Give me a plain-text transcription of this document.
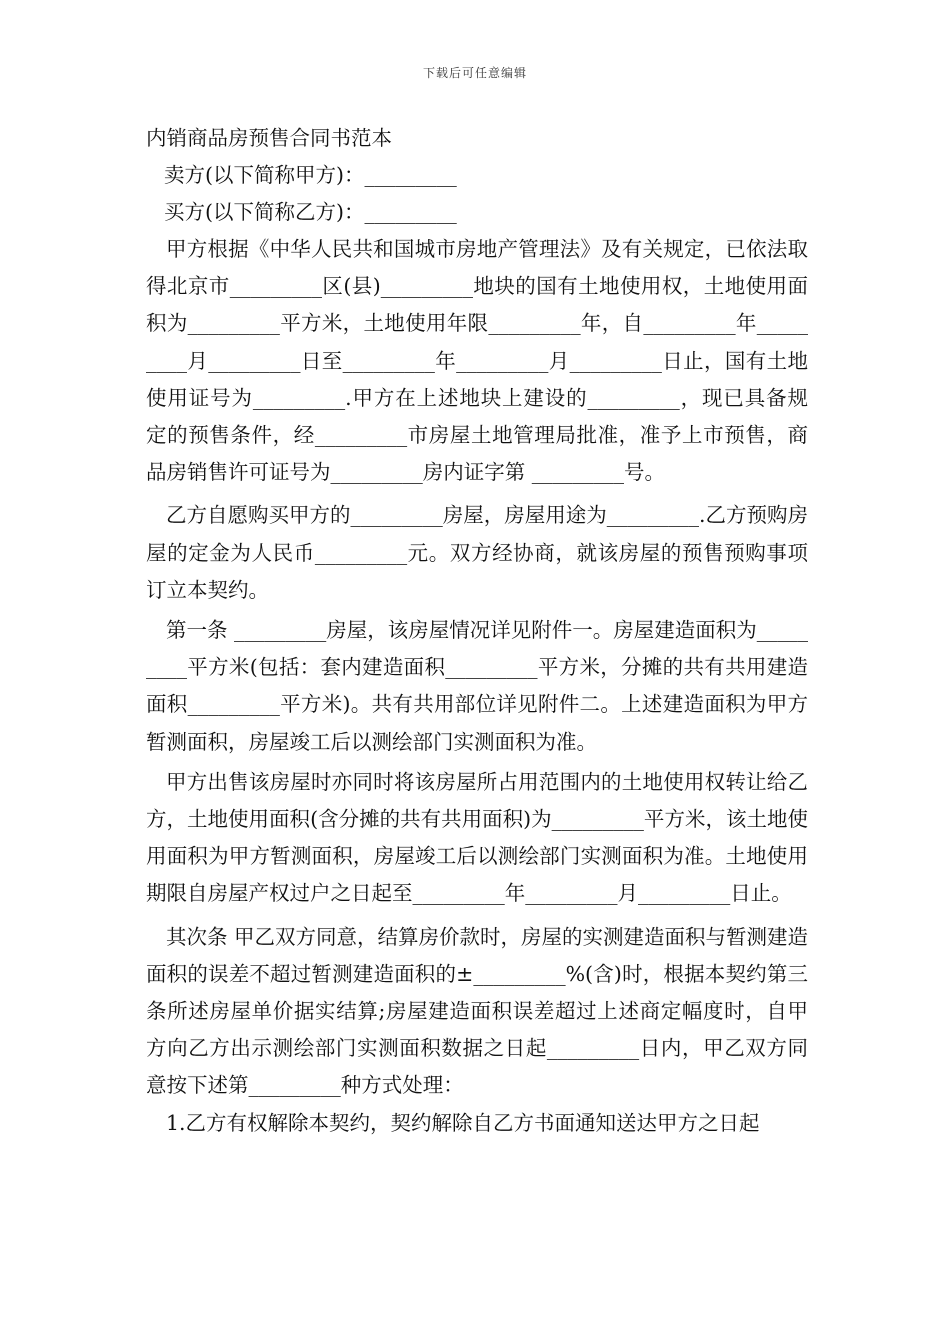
下载后可任意编辑
内销商品房预售合同书范本
卖方(以下简称甲方)：_________
买方(以下简称乙方)：_________

甲方根据《中华人民共和国城市房地产管理法》及有关规定，已依法取得北京市_________区(县)_________地块的国有土地使用权，土地使用面积为_________平方米，土地使用年限_________年，自_________年_________月_________日至_________年_________月_________日止，国有土地使用证号为_________.甲方在上述地块上建设的_________，现已具备规定的预售条件，经_________市房屋土地管理局批准，准予上市预售，商品房销售许可证号为_________房内证字第 _________号。

乙方自愿购买甲方的_________房屋，房屋用途为_________.乙方预购房屋的定金为人民币_________元。双方经协商，就该房屋的预售预购事项订立本契约。

第一条 _________房屋，该房屋情况详见附件一。房屋建造面积为_________平方米(包括：套内建造面积_________平方米，分摊的共有共用建造面积_________平方米)。共有共用部位详见附件二。上述建造面积为甲方暂测面积，房屋竣工后以测绘部门实测面积为准。

甲方出售该房屋时亦同时将该房屋所占用范围内的土地使用权转让给乙方，土地使用面积(含分摊的共有共用面积)为_________平方米，该土地使用面积为甲方暂测面积，房屋竣工后以测绘部门实测面积为准。土地使用期限自房屋产权过户之日起至_________年_________月_________日止。

其次条 甲乙双方同意，结算房价款时，房屋的实测建造面积与暂测建造面积的误差不超过暂测建造面积的±_________%(含)时，根据本契约第三条所述房屋单价据实结算;房屋建造面积误差超过上述商定幅度时，自甲方向乙方出示测绘部门实测面积数据之日起_________日内，甲乙双方同意按下述第_________种方式处理：

1.乙方有权解除本契约，契约解除自乙方书面通知送达甲方之日起
